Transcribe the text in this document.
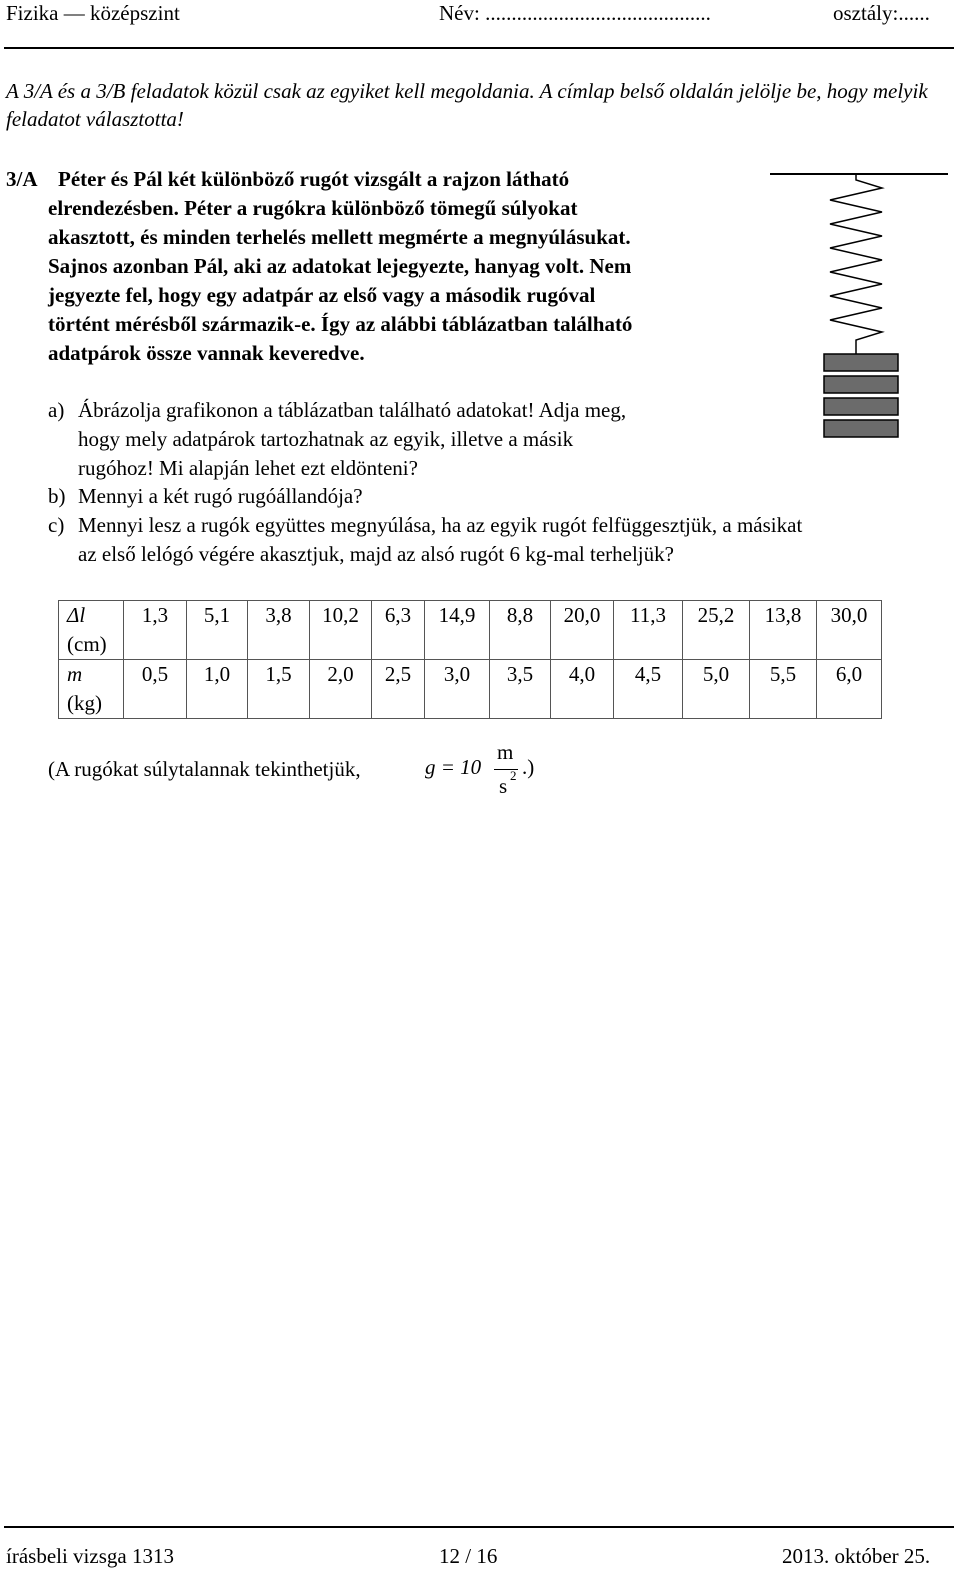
Fizika — középszint	Név: ...........................................	osztály:......
A 3/A és a 3/B feladatok közül csak az egyiket kell megoldania. A címlap belső oldalán jelölje be, hogy melyik feladatot választotta!
3/A Péter és Pál két különböző rugót vizsgált a rajzon látható
elrendezésben. Péter a rugókra különböző tömegű súlyokat
akasztott, és minden terhelés mellett megmérte a megnyúlásukat.
Sajnos azonban Pál, aki az adatokat lejegyezte, hanyag volt. Nem
jegyezte fel, hogy egy adatpár az első vagy a második rugóval
történt mérésből származik-e. Így az alábbi táblázatban található
adatpárok össze vannak keveredve.
a) Ábrázolja grafikonon a táblázatban található adatokat! Adja meg,
hogy mely adatpárok tartozhatnak az egyik, illetve a másik
rugóhoz! Mi alapján lehet ezt eldönteni?
b) Mennyi a két rugó rugóállandója?
c) Mennyi lesz a rugók együttes megnyúlása, ha az egyik rugót felfüggesztjük, a másikat
az első lelógó végére akasztjuk, majd az alsó rugót 6 kg-mal terheljük?
Δl
(cm)	1,3	5,1	3,8	10,2	6,3	14,9	8,8	20,0	11,3	25,2	13,8	30,0

m
(kg)	0,5	1,0	1,5	2,0	2,5	3,0	3,5	4,0	4,5	5,0	5,5	6,0
(A rugókat súlytalannak tekinthetjük,	g = 10
m
s 2 .)
írásbeli vizsga 1313	12 / 16	2013. október 25.
